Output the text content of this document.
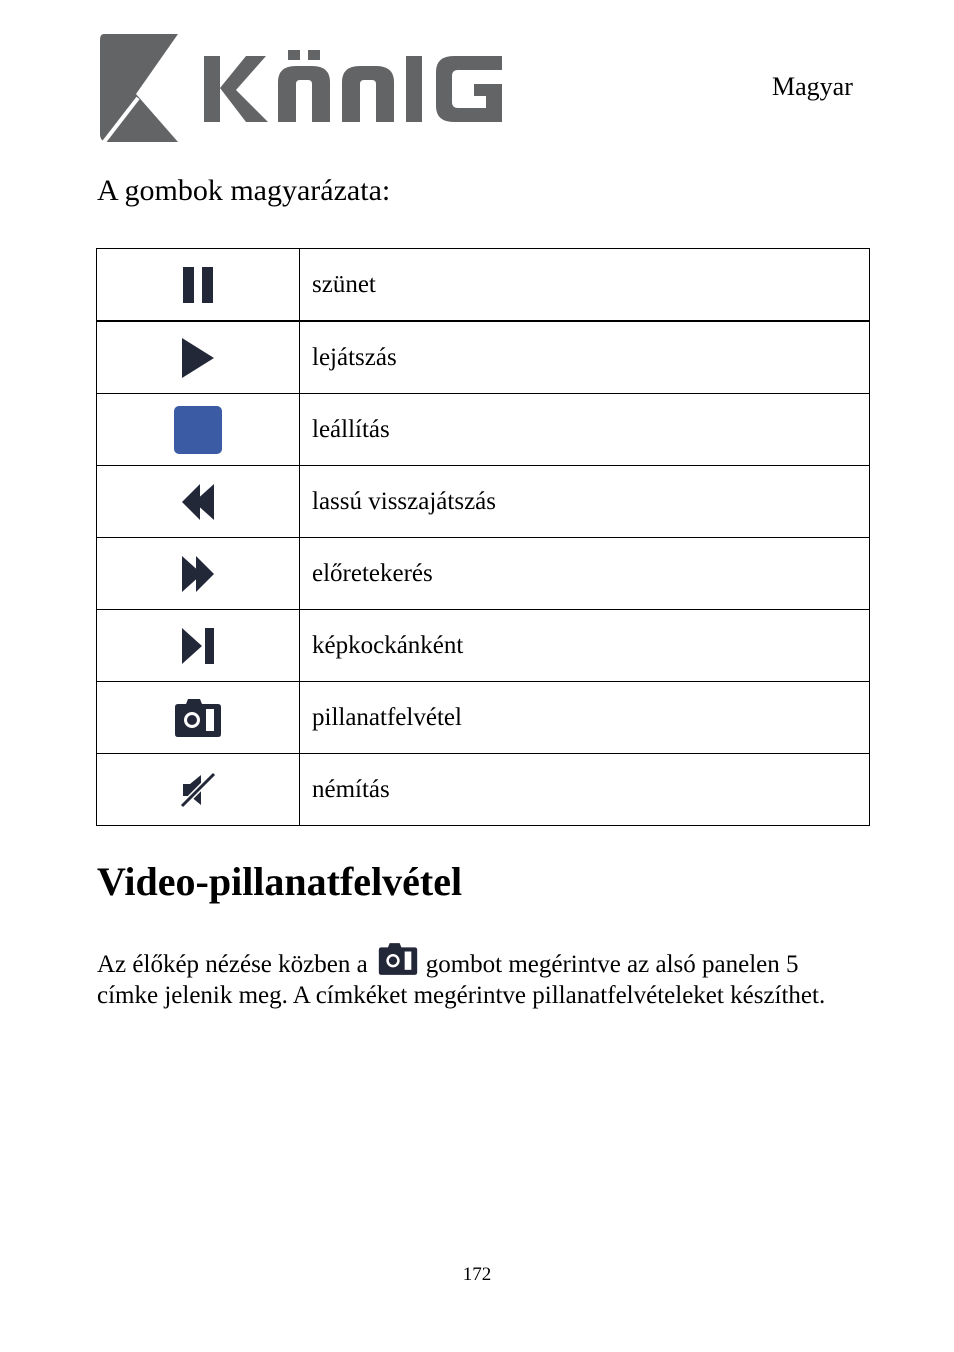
Magyar
A gombok magyarázata:
	szünet
	lejátszás
	leállítás
	lassú visszajátszás
	előretekerés
	képkockánként
	pillanatfelvétel
	némítás
Video-pillanatfelvétel
Az élőkép nézése közben a gombot megérintve az alsó panelen 5 címke jelenik meg. A címkéket megérintve pillanatfelvételeket készíthet.
172
